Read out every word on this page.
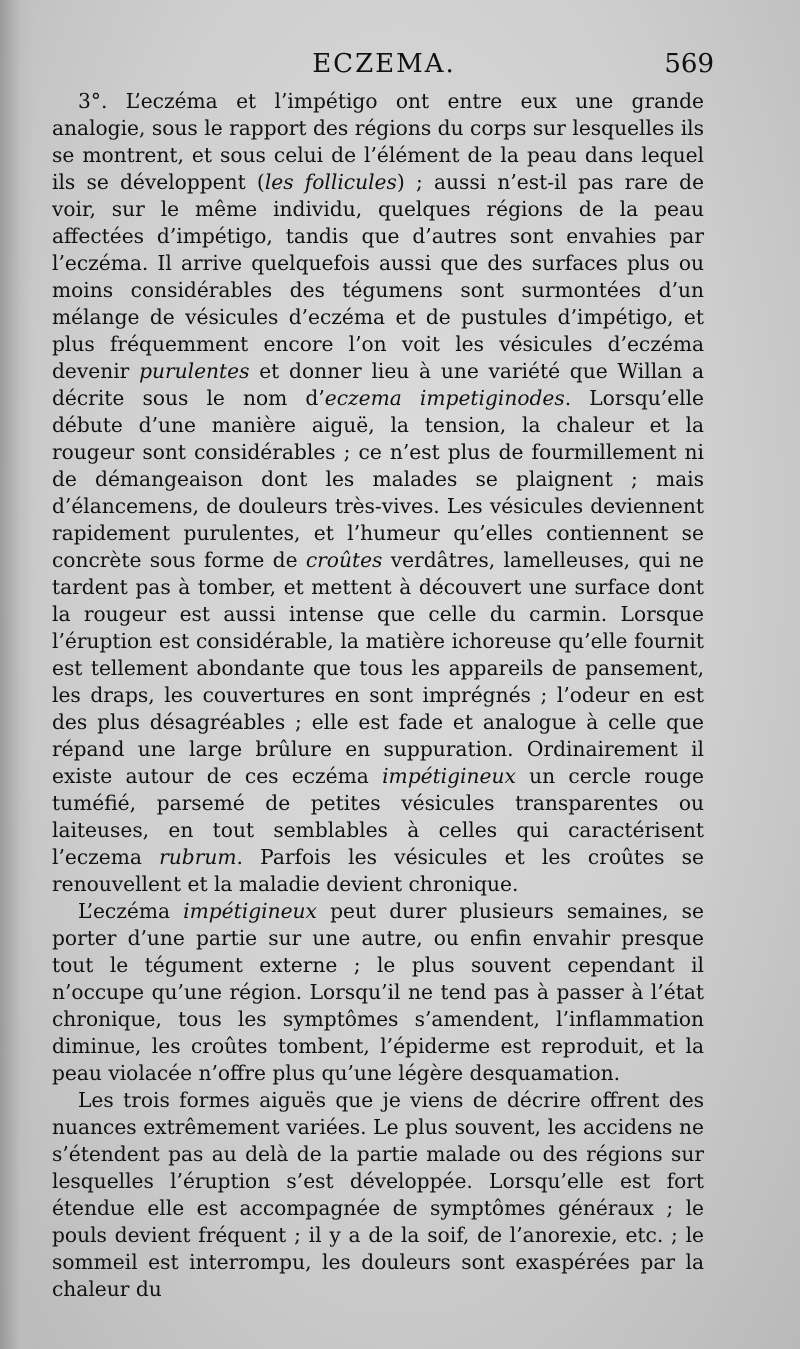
ECZEMA.	569

3°. L’eczéma et l’impétigo ont entre eux une grande analogie, sous le rapport des régions du corps sur lesquelles ils se montrent, et sous celui de l’élément de la peau dans lequel ils se développent (les follicules) ; aussi n’est-il pas rare de voir, sur le même individu, quelques régions de la peau affectées d’impétigo, tandis que d’autres sont envahies par l’eczéma. Il arrive quelquefois aussi que des surfaces plus ou moins considérables des tégumens sont surmontées d’un mélange de vésicules d’eczéma et de pustules d’impétigo, et plus fréquemment encore l’on voit les vésicules d’eczéma devenir purulentes et donner lieu à une variété que Willan a décrite sous le nom d’eczema impetiginodes. Lorsqu’elle débute d’une manière aiguë, la tension, la chaleur et la rougeur sont considérables ; ce n’est plus de fourmillement ni de démangeaison dont les malades se plaignent ; mais d’élancemens, de douleurs très-vives. Les vésicules deviennent rapidement purulentes, et l’humeur qu’elles contiennent se concrète sous forme de croûtes verdâtres, lamelleuses, qui ne tardent pas à tomber, et mettent à découvert une surface dont la rougeur est aussi intense que celle du carmin. Lorsque l’éruption est considérable, la matière ichoreuse qu’elle fournit est tellement abondante que tous les appareils de pansement, les draps, les couvertures en sont imprégnés ; l’odeur en est des plus désagréables ; elle est fade et analogue à celle que répand une large brûlure en suppuration. Ordinairement il existe autour de ces eczéma impétigineux un cercle rouge tuméfié, parsemé de petites vésicules transparentes ou laiteuses, en tout semblables à celles qui caractérisent l’eczema rubrum. Parfois les vésicules et les croûtes se renouvellent et la maladie devient chronique.

L’eczéma impétigineux peut durer plusieurs semaines, se porter d’une partie sur une autre, ou enfin envahir presque tout le tégument externe ; le plus souvent cependant il n’occupe qu’une région. Lorsqu’il ne tend pas à passer à l’état chronique, tous les symptômes s’amendent, l’inflammation diminue, les croûtes tombent, l’épiderme est reproduit, et la peau violacée n’offre plus qu’une légère desquamation.

Les trois formes aiguës que je viens de décrire offrent des nuances extrêmement variées. Le plus souvent, les accidens ne s’étendent pas au delà de la partie malade ou des régions sur lesquelles l’éruption s’est développée. Lorsqu’elle est fort étendue elle est accompagnée de symptômes généraux ; le pouls devient fréquent ; il y a de la soif, de l’anorexie, etc. ; le sommeil est interrompu, les douleurs sont exaspérées par la chaleur du
